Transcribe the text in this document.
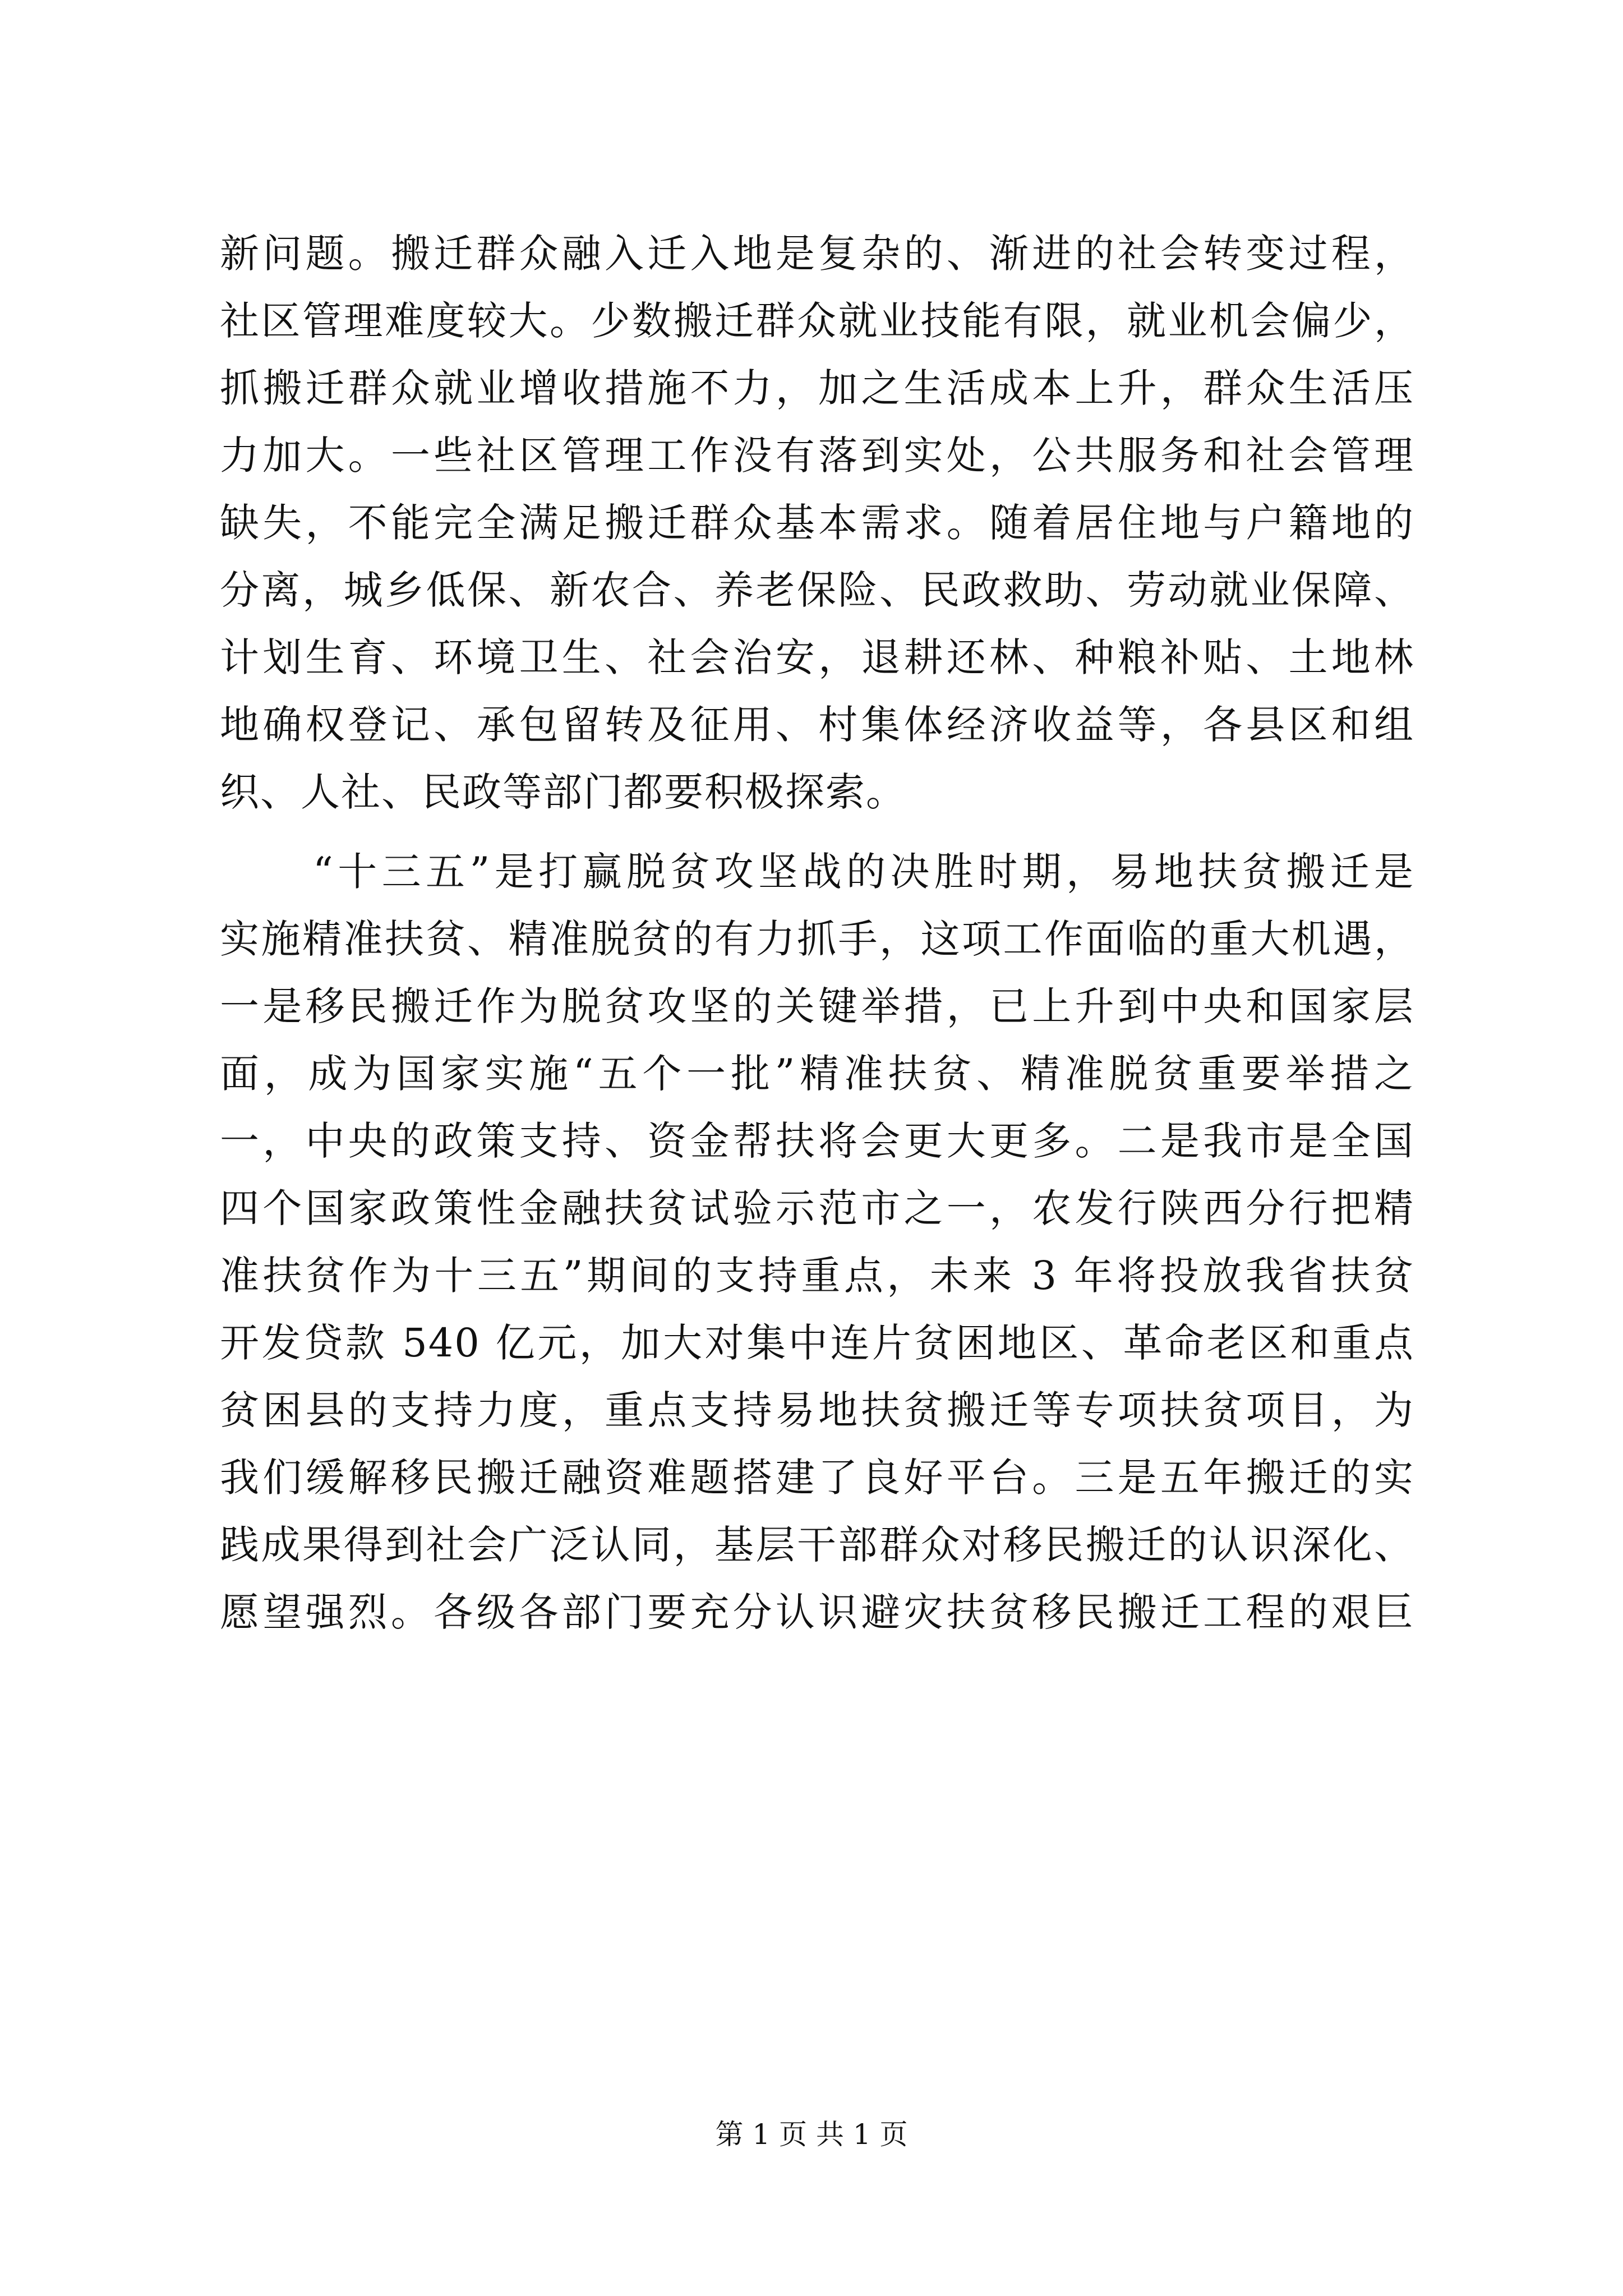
新问题。搬迁群众融入迁入地是复杂的、渐进的社会转变过程，
社区管理难度较大。少数搬迁群众就业技能有限，就业机会偏少，
抓搬迁群众就业增收措施不力，加之生活成本上升，群众生活压
力加大。一些社区管理工作没有落到实处，公共服务和社会管理
缺失，不能完全满足搬迁群众基本需求。随着居住地与户籍地的
分离，城乡低保、新农合、养老保险、民政救助、劳动就业保障、
计划生育、环境卫生、社会治安，退耕还林、种粮补贴、土地林
地确权登记、承包留转及征用、村集体经济收益等，各县区和组
织、人社、民政等部门都要积极探索。
“十三五”是打赢脱贫攻坚战的决胜时期，易地扶贫搬迁是
实施精准扶贫、精准脱贫的有力抓手，这项工作面临的重大机遇，
一是移民搬迁作为脱贫攻坚的关键举措，已上升到中央和国家层
面，成为国家实施“五个一批”精准扶贫、精准脱贫重要举措之
一，中央的政策支持、资金帮扶将会更大更多。二是我市是全国
四个国家政策性金融扶贫试验示范市之一，农发行陕西分行把精
准扶贫作为十三五”期间的支持重点，未来 3 年将投放我省扶贫
开发贷款 540 亿元，加大对集中连片贫困地区、革命老区和重点
贫困县的支持力度，重点支持易地扶贫搬迁等专项扶贫项目，为
我们缓解移民搬迁融资难题搭建了良好平台。三是五年搬迁的实
践成果得到社会广泛认同，基层干部群众对移民搬迁的认识深化、
愿望强烈。各级各部门要充分认识避灾扶贫移民搬迁工程的艰巨
第 1 页 共 1 页
